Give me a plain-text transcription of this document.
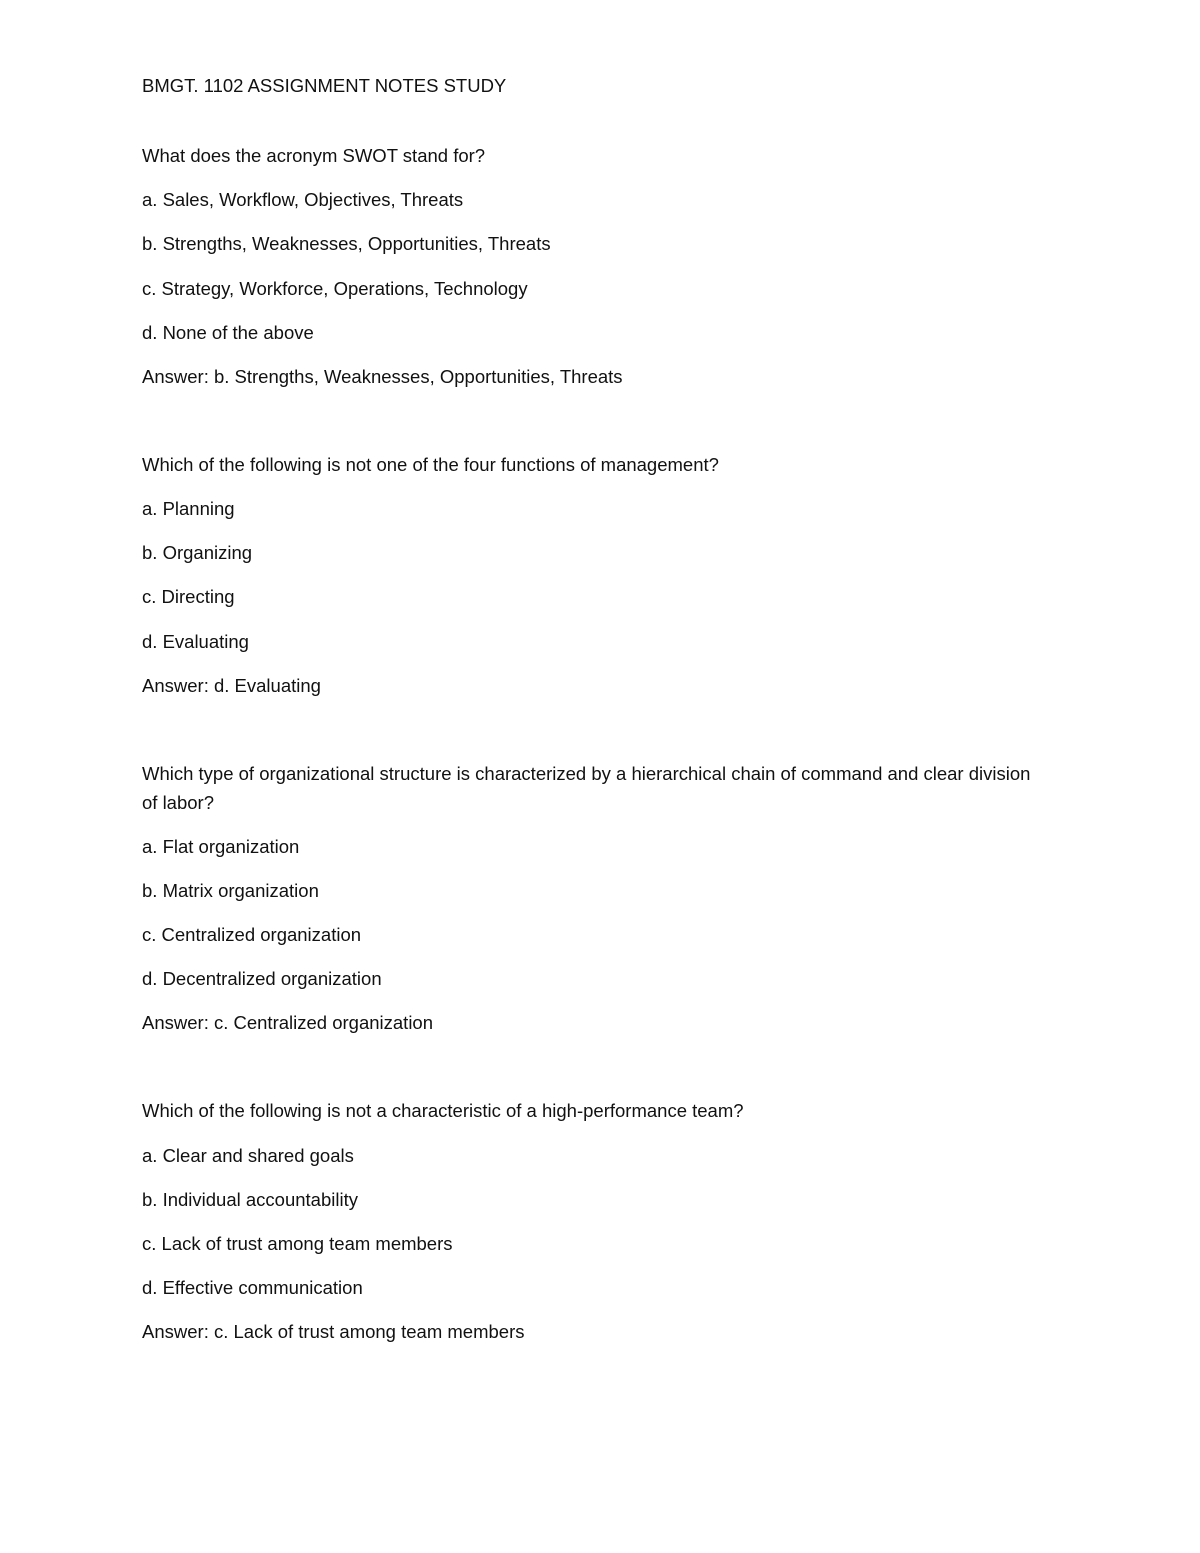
BMGT. 1102 ASSIGNMENT NOTES STUDY

What does the acronym SWOT stand for?

a. Sales, Workflow, Objectives, Threats

b. Strengths, Weaknesses, Opportunities, Threats

c. Strategy, Workforce, Operations, Technology

d. None of the above

Answer: b. Strengths, Weaknesses, Opportunities, Threats

Which of the following is not one of the four functions of management?

a. Planning

b. Organizing

c. Directing

d. Evaluating

Answer: d. Evaluating

Which type of organizational structure is characterized by a hierarchical chain of command and clear division of labor?

a. Flat organization

b. Matrix organization

c. Centralized organization

d. Decentralized organization

Answer: c. Centralized organization

Which of the following is not a characteristic of a high-performance team?

a. Clear and shared goals

b. Individual accountability

c. Lack of trust among team members

d. Effective communication

Answer: c. Lack of trust among team members
